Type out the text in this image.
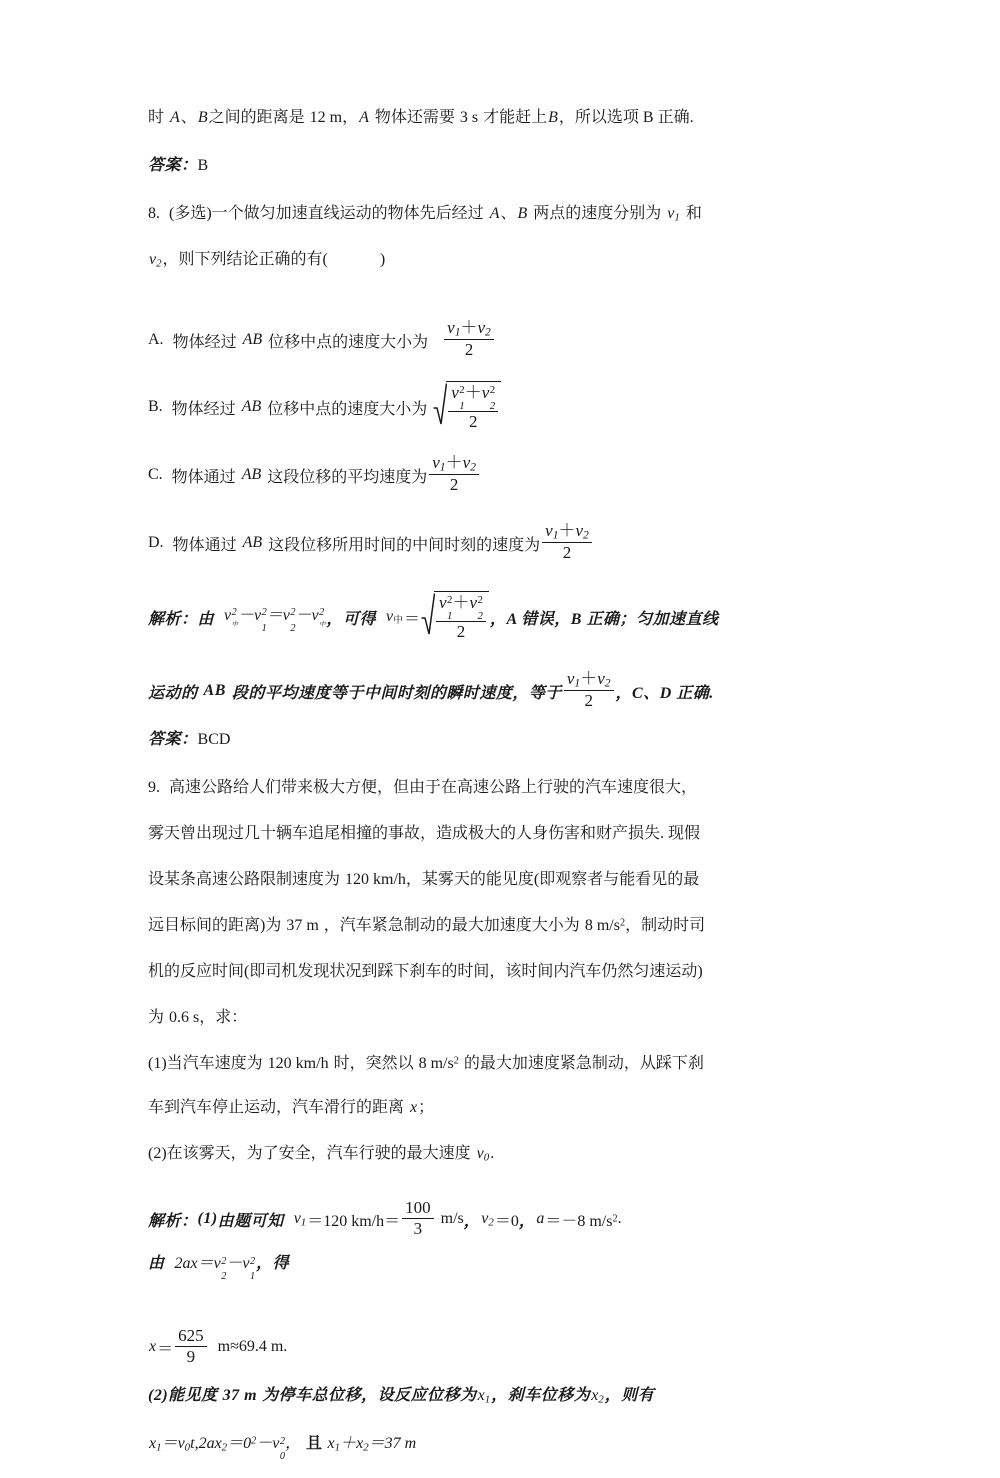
时 A 、 B 之间的距离是 12 m ， A 物体还需要 3 s 才能赶上 B ， 所以选项 B 正确.
答案： B
8. (多选) 一个做匀加速直线运动的物体先后经过 A 、 B 两点的速度分别为 $v_1$ 和
$v_2$ ，则下列结论正确的有(	)
A. 物体经过 AB 位移中点的速度大小为 $\frac{v_1+v_2}{2}$
B. 物体经过 AB 位移中点的速度大小为 v 2
1
＋ v 2
2
2
C. 物体通过 AB 这段位移的平均速度为 $\frac{v_1+v_2}{2}$
D. 物体通过 AB 这段位移所用时间的中间时刻的速度为 $\frac{v_1+v_2}{2}$
解析： 由 v 2
中
－ v 2
1
＝ v 2
2
－ v 2
中 ， 可得 $v_中 = v$ 2
1
＋ v 2
2
2 ， A 错误，B 正确；匀加速直线
运动的 AB 段的平均速度等于中间时刻的瞬时速度，等于 $\frac{v_1+v_2}{2}$ ，C、D 正确.
答案： BCD
9. 高速公路给人们带来极大方便，但由于在高速公路上行驶的汽车速度很大，
雾天曾出现过几十辆车追尾相撞的事故，造成极大的人身伤害和财产损失. 现假
设某条高速公路限制速度为 120 km/h ，某雾天的能见度(即观察者与能看见的最
远目标间的距离)为 37 m ，汽车紧急制动的最大加速度大小为 8 $m/s^2$ ，制动时司
机的反应时间(即司机发现状况到踩下刹车的时间，该时间内汽车仍然匀速运动)
为 0.6 s ，求：
(1) 当汽车速度为 120 km/h 时，突然以 8 $m/s^2$ 的最大加速度紧急制动，从踩下刹
车到汽车停止运动，汽车滑行的距离 x ；
(2) 在该雾天，为了安全，汽车行驶的最大速度 $v_0$ .
解析： (1) 由题可知 $v_1 =120$ $km/h= \frac{100}{3} m/s$ ， $v_2 =0$ ， a ＝－8 $m/s^2$ .
由 2ax＝ v 2
2
－ v 2
1
，得
$x = \frac{625}{9} m\approx 69.4$ m.
(2) 能见度 37 m 为停车总位移，设反应位移为 $x_1$ ，刹车位移为 $x_2$ ，则有
$x_1=v_0t,2ax_2=0^2- v$ 2
0
， 且 $x_1+x_2=37$ m
